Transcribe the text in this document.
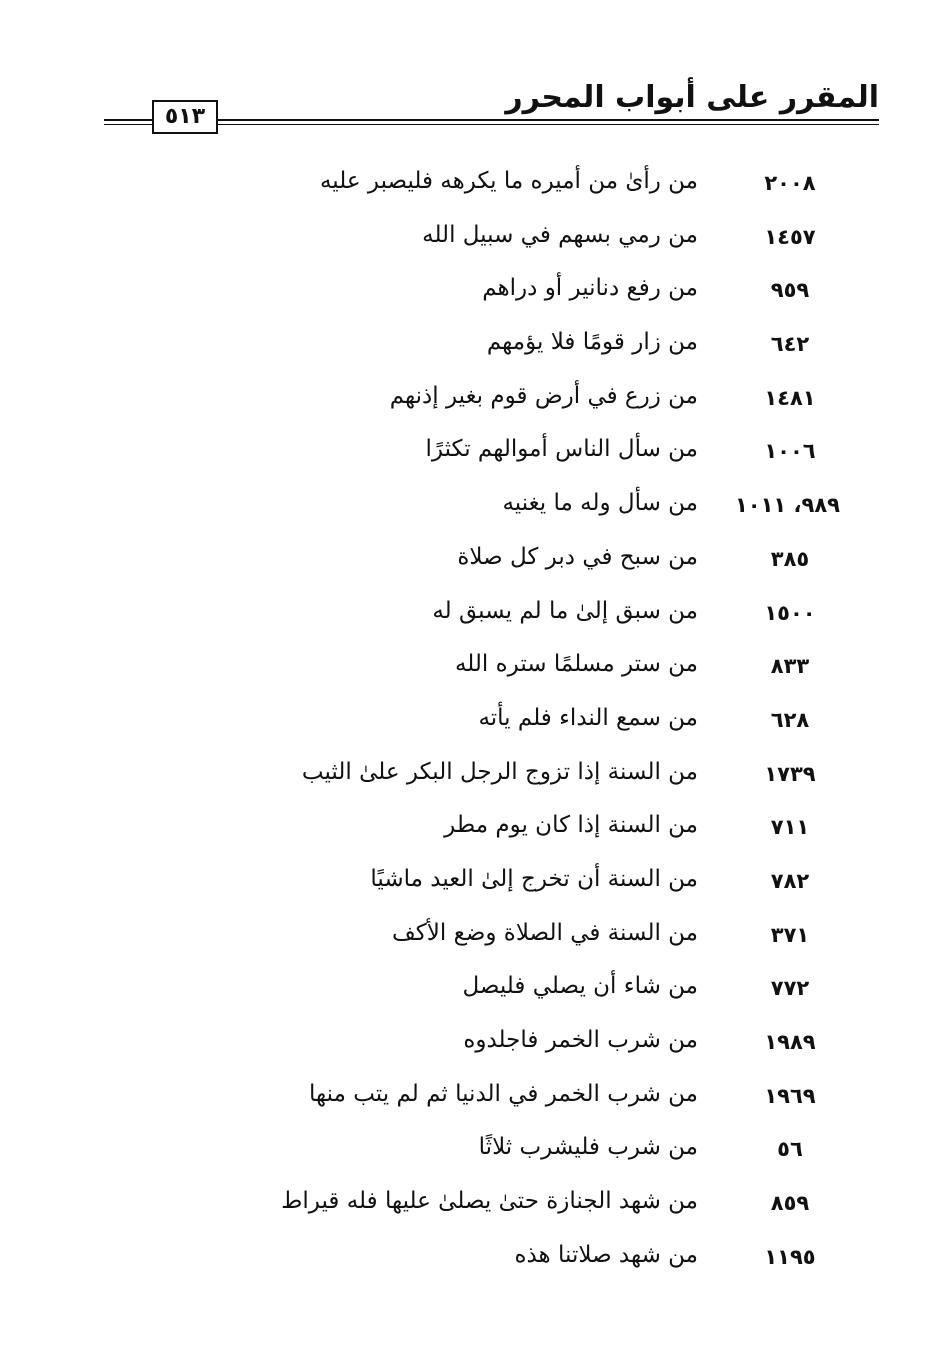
المقرر على أبواب المحرر
٥١٣
٢٠٠٨
من رأىٰ من أميره ما يكرهه فليصبر عليه
١٤٥٧
من رمي بسهم في سبيل الله
٩٥٩
من رفع دنانير أو دراهم
٦٤٢
من زار قومًا فلا يؤمهم
١٤٨١
من زرع في أرض قوم بغير إذنهم
١٠٠٦
من سأل الناس أموالهم تكثرًا
٩٨٩، ١٠١١
من سأل وله ما يغنيه
٣٨٥
من سبح في دبر كل صلاة
١٥٠٠
من سبق إلىٰ ما لم يسبق له
٨٣٣
من ستر مسلمًا ستره الله
٦٢٨
من سمع النداء فلم يأته
١٧٣٩
من السنة إذا تزوج الرجل البكر علىٰ الثيب
٧١١
من السنة إذا كان يوم مطر
٧٨٢
من السنة أن تخرج إلىٰ العيد ماشيًا
٣٧١
من السنة في الصلاة وضع الأكف
٧٧٢
من شاء أن يصلي فليصل
١٩٨٩
من شرب الخمر فاجلدوه
١٩٦٩
من شرب الخمر في الدنيا ثم لم يتب منها
٥٦
من شرب فليشرب ثلاثًا
٨٥٩
من شهد الجنازة حتىٰ يصلىٰ عليها فله قيراط
١١٩٥
من شهد صلاتنا هذه
